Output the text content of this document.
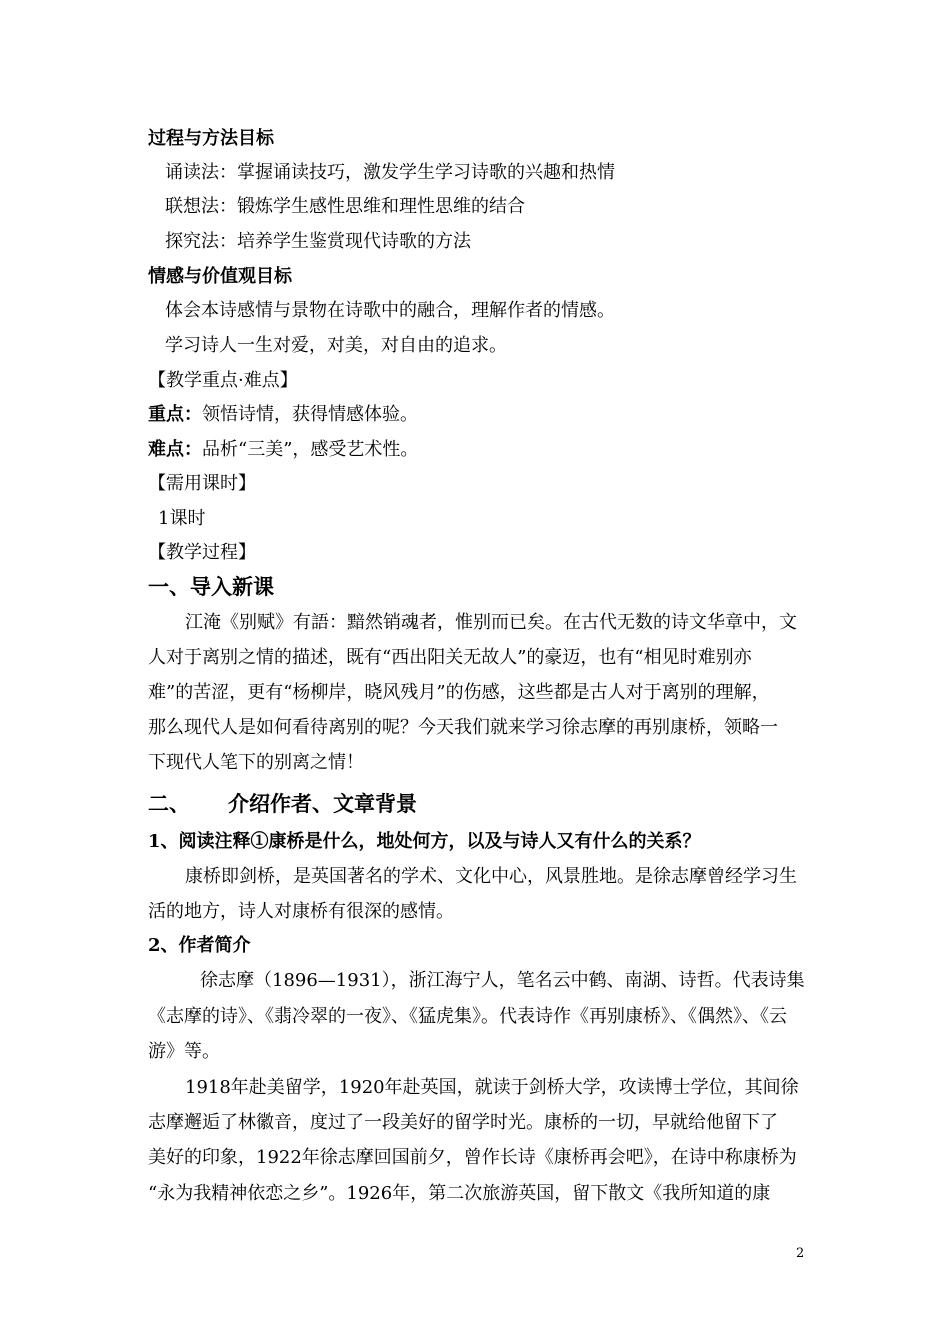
过程与方法目标

诵读法：掌握诵读技巧，激发学生学习诗歌的兴趣和热情

联想法：锻炼学生感性思维和理性思维的结合

探究法：培养学生鉴赏现代诗歌的方法

情感与价值观目标

体会本诗感情与景物在诗歌中的融合，理解作者的情感。

学习诗人一生对爱，对美，对自由的追求。

【教学重点·难点】

重点：领悟诗情，获得情感体验。

难点：品析“三美”，感受艺术性。

【需用课时】

1课时

【教学过程】

一、导入新课

江淹《别赋》有語：黯然销魂者，惟别而已矣。在古代无数的诗文华章中，文

人对于离别之情的描述，既有“西出阳关无故人”的豪迈，也有“相见时难别亦

难”的苦涩，更有“杨柳岸，晓风残月”的伤感，这些都是古人对于离别的理解，

那么现代人是如何看待离别的呢？今天我们就来学习徐志摩的再别康桥，领略一

下现代人笔下的别离之情！

二、 介绍作者、文章背景

1、阅读注释①康桥是什么，地处何方，以及与诗人又有什么的关系？

康桥即剑桥，是英国著名的学术、文化中心，风景胜地。是徐志摩曾经学习生

活的地方，诗人对康桥有很深的感情。

2、作者简介

徐志摩（1896—1931），浙江海宁人，笔名云中鹤、南湖、诗哲。代表诗集

《志摩的诗》、《翡冷翠的一夜》、《猛虎集》。代表诗作《再别康桥》、《偶然》、《云

游》等。

1918年赴美留学，1920年赴英国，就读于剑桥大学，攻读博士学位，其间徐

志摩邂逅了林徽音，度过了一段美好的留学时光。康桥的一切，早就给他留下了

美好的印象，1922年徐志摩回国前夕，曾作长诗《康桥再会吧》，在诗中称康桥为

“永为我精神依恋之乡”。1926年，第二次旅游英国，留下散文《我所知道的康

2
